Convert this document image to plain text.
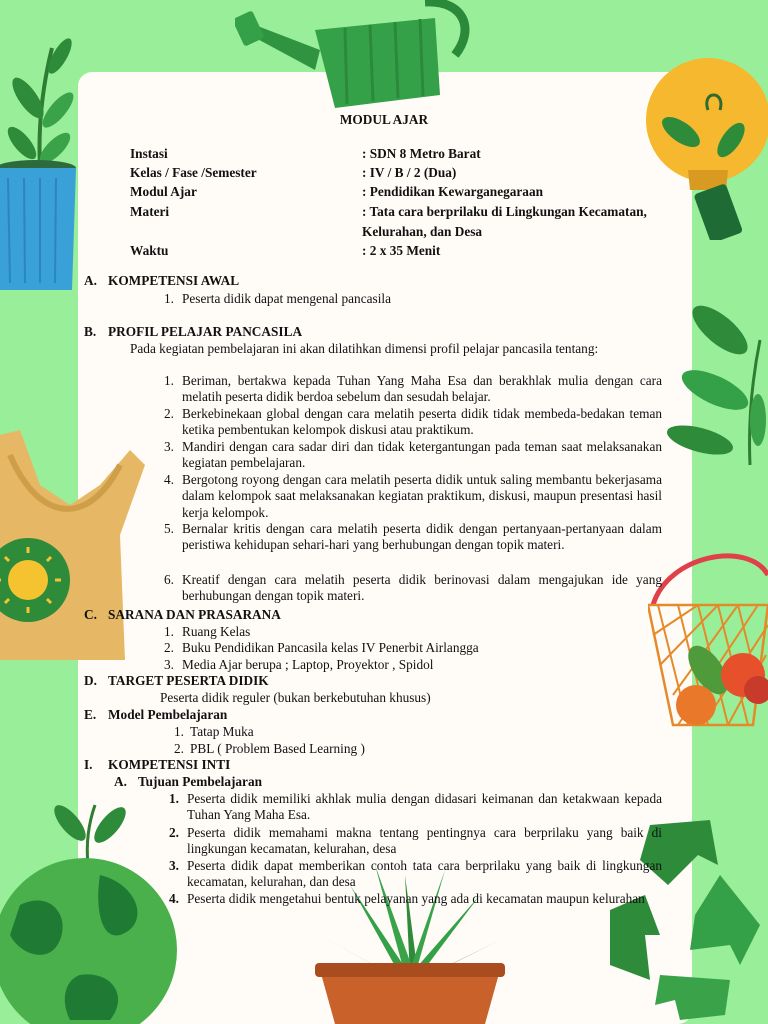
MODUL AJAR
Instasi	: SDN 8 Metro Barat
Kelas / Fase /Semester	: IV / B / 2 (Dua)
Modul Ajar	: Pendidikan Kewarganegaraan
Materi	: Tata cara berprilaku di Lingkungan Kecamatan,
Kelurahan, dan Desa
Waktu	: 2 x 35 Menit
A. KOMPETENSI AWAL
1. Peserta didik dapat mengenal pancasila
B. PROFIL PELAJAR PANCASILA
Pada kegiatan pembelajaran ini akan dilatihkan dimensi profil pelajar pancasila tentang:
1. Beriman, bertakwa kepada Tuhan Yang Maha Esa dan berakhlak mulia dengan cara melatih peserta didik berdoa sebelum dan sesudah belajar.
2. Berkebinekaan global dengan cara melatih peserta didik tidak membeda-bedakan teman ketika pembentukan kelompok diskusi atau praktikum.
3. Mandiri dengan cara sadar diri dan tidak ketergantungan pada teman saat melaksanakan kegiatan pembelajaran.
4. Bergotong royong dengan cara melatih peserta didik untuk saling membantu bekerjasama dalam kelompok saat melaksanakan kegiatan praktikum, diskusi, maupun presentasi hasil kerja kelompok.
5. Bernalar kritis dengan cara melatih peserta didik dengan pertanyaan-pertanyaan dalam peristiwa kehidupan sehari-hari yang berhubungan dengan topik materi.
6. Kreatif dengan cara melatih peserta didik berinovasi dalam mengajukan ide yang berhubungan dengan topik materi.
C. SARANA DAN PRASARANA
1. Ruang Kelas
2. Buku Pendidikan Pancasila kelas IV Penerbit Airlangga
3. Media Ajar berupa ; Laptop, Proyektor , Spidol
D. TARGET PESERTA DIDIK
Peserta didik reguler (bukan berkebutuhan khusus)
E. Model Pembelajaran
1. Tatap Muka
2. PBL ( Problem Based Learning )
I. KOMPETENSI INTI
A. Tujuan Pembelajaran
1. Peserta didik memiliki akhlak mulia dengan didasari keimanan dan ketakwaan kepada Tuhan Yang Maha Esa.
2. Peserta didik memahami makna tentang pentingnya cara berprilaku yang baik di lingkungan kecamatan, kelurahan, desa
3. Peserta didik dapat memberikan contoh tata cara berprilaku yang baik di lingkungan kecamatan, kelurahan, dan desa
4. Peserta didik mengetahui bentuk pelayanan yang ada di kecamatan maupun kelurahan
